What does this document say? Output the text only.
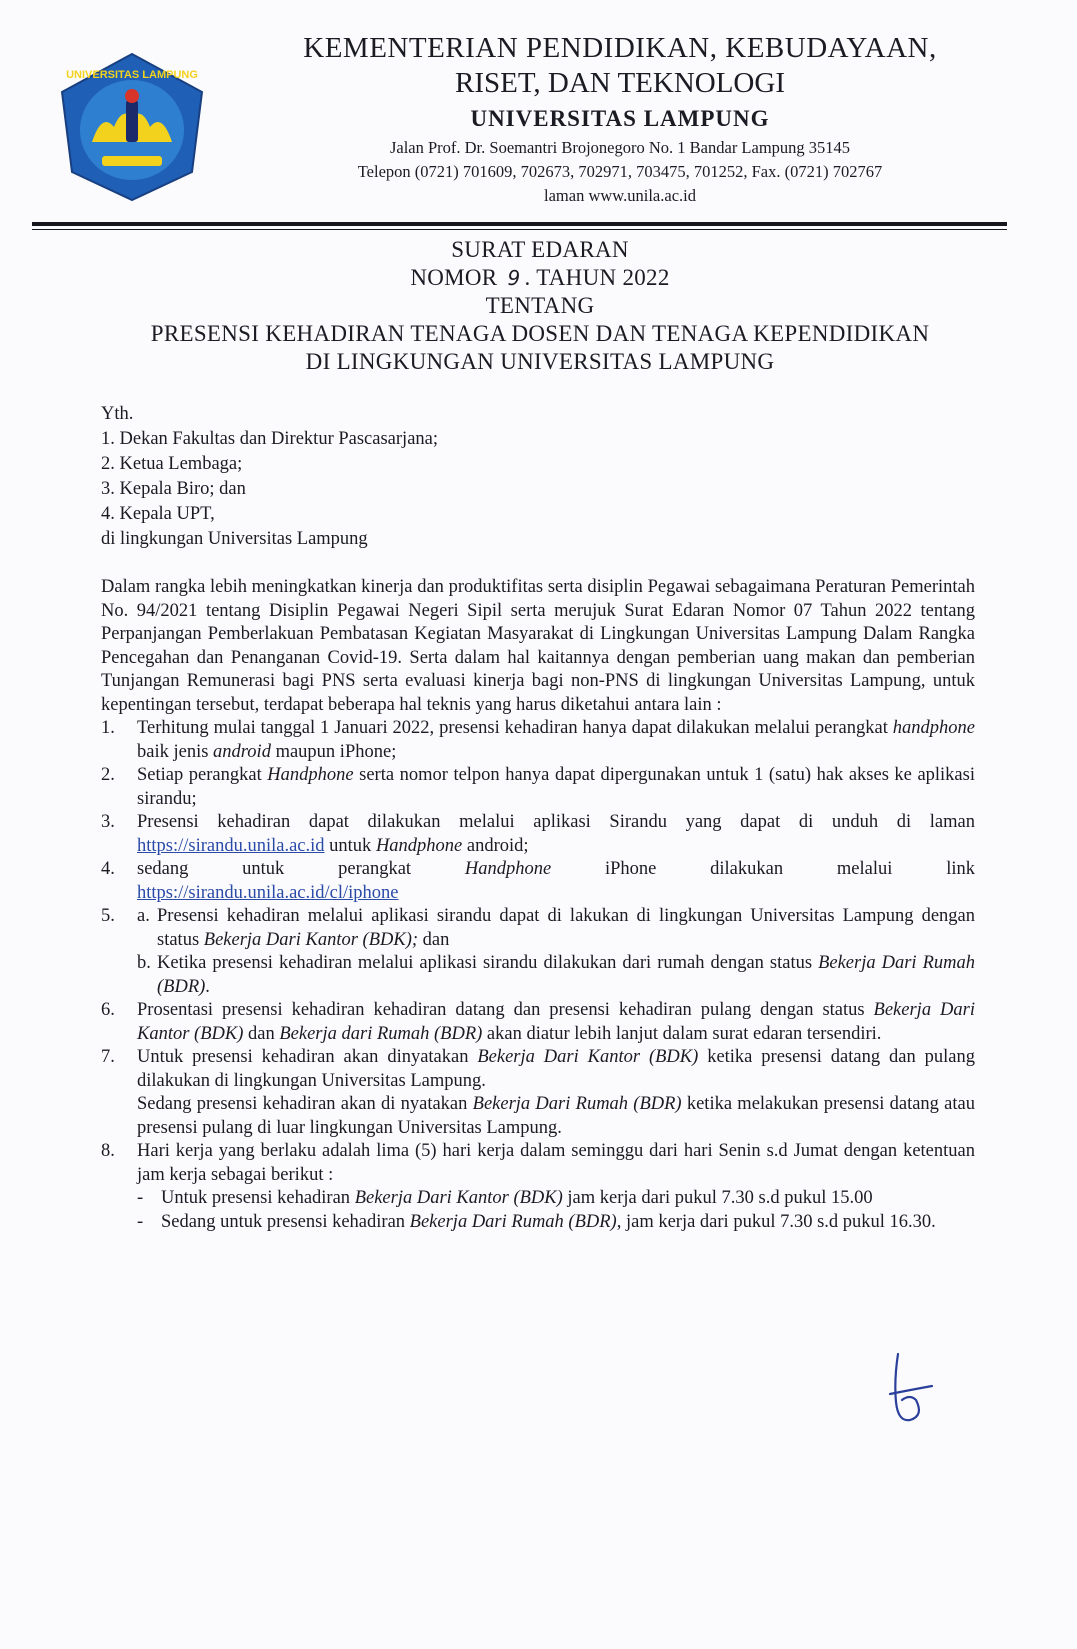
UNIVERSITAS LAMPUNG
KEMENTERIAN PENDIDIKAN, KEBUDAYAAN,
RISET, DAN TEKNOLOGI
UNIVERSITAS LAMPUNG
Jalan Prof. Dr. Soemantri Brojonegoro No. 1 Bandar Lampung 35145
Telepon (0721) 701609, 702673, 702971, 703475, 701252, Fax. (0721) 702767
laman www.unila.ac.id
SURAT EDARAN
NOMOR 9 . TAHUN 2022
TENTANG
PRESENSI KEHADIRAN TENAGA DOSEN DAN TENAGA KEPENDIDIKAN
DI LINGKUNGAN UNIVERSITAS LAMPUNG
Yth.
1. Dekan Fakultas dan Direktur Pascasarjana;
2. Ketua Lembaga;
3. Kepala Biro; dan
4. Kepala UPT,
di lingkungan Universitas Lampung

Dalam rangka lebih meningkatkan kinerja dan produktifitas serta disiplin Pegawai sebagaimana Peraturan Pemerintah No. 94/2021 tentang Disiplin Pegawai Negeri Sipil serta merujuk Surat Edaran Nomor 07 Tahun 2022 tentang Perpanjangan Pemberlakuan Pembatasan Kegiatan Masyarakat di Lingkungan Universitas Lampung Dalam Rangka Pencegahan dan Penanganan Covid-19. Serta dalam hal kaitannya dengan pemberian uang makan dan pemberian Tunjangan Remunerasi bagi PNS serta evaluasi kinerja bagi non-PNS di lingkungan Universitas Lampung, untuk kepentingan tersebut, terdapat beberapa hal teknis yang harus diketahui antara lain :

1. Terhitung mulai tanggal 1 Januari 2022, presensi kehadiran hanya dapat dilakukan melalui perangkat handphone baik jenis android maupun iPhone;
2. Setiap perangkat Handphone serta nomor telpon hanya dapat dipergunakan untuk 1 (satu) hak akses ke aplikasi sirandu;
3. Presensi kehadiran dapat dilakukan melalui aplikasi Sirandu yang dapat di unduh di laman https://sirandu.unila.ac.id untuk Handphone android;
4. sedang	untuk	perangkat	Handphone	iPhone	dilakukan	melalui	link
https://sirandu.unila.ac.id/cl/iphone
5. a. Presensi kehadiran melalui aplikasi sirandu dapat di lakukan di lingkungan Universitas Lampung dengan status Bekerja Dari Kantor (BDK); dan
b. Ketika presensi kehadiran melalui aplikasi sirandu dilakukan dari rumah dengan status Bekerja Dari Rumah (BDR).
6. Prosentasi presensi kehadiran kehadiran datang dan presensi kehadiran pulang dengan status Bekerja Dari Kantor (BDK) dan Bekerja dari Rumah (BDR) akan diatur lebih lanjut dalam surat edaran tersendiri.
7. Untuk presensi kehadiran akan dinyatakan Bekerja Dari Kantor (BDK) ketika presensi datang dan pulang dilakukan di lingkungan Universitas Lampung.
Sedang presensi kehadiran akan di nyatakan Bekerja Dari Rumah (BDR) ketika melakukan presensi datang atau presensi pulang di luar lingkungan Universitas Lampung.
8. Hari kerja yang berlaku adalah lima (5) hari kerja dalam seminggu dari hari Senin s.d Jumat dengan ketentuan jam kerja sebagai berikut :
- Untuk presensi kehadiran Bekerja Dari Kantor (BDK) jam kerja dari pukul 7.30 s.d pukul 15.00
- Sedang untuk presensi kehadiran Bekerja Dari Rumah (BDR), jam kerja dari pukul 7.30 s.d pukul 16.30.
